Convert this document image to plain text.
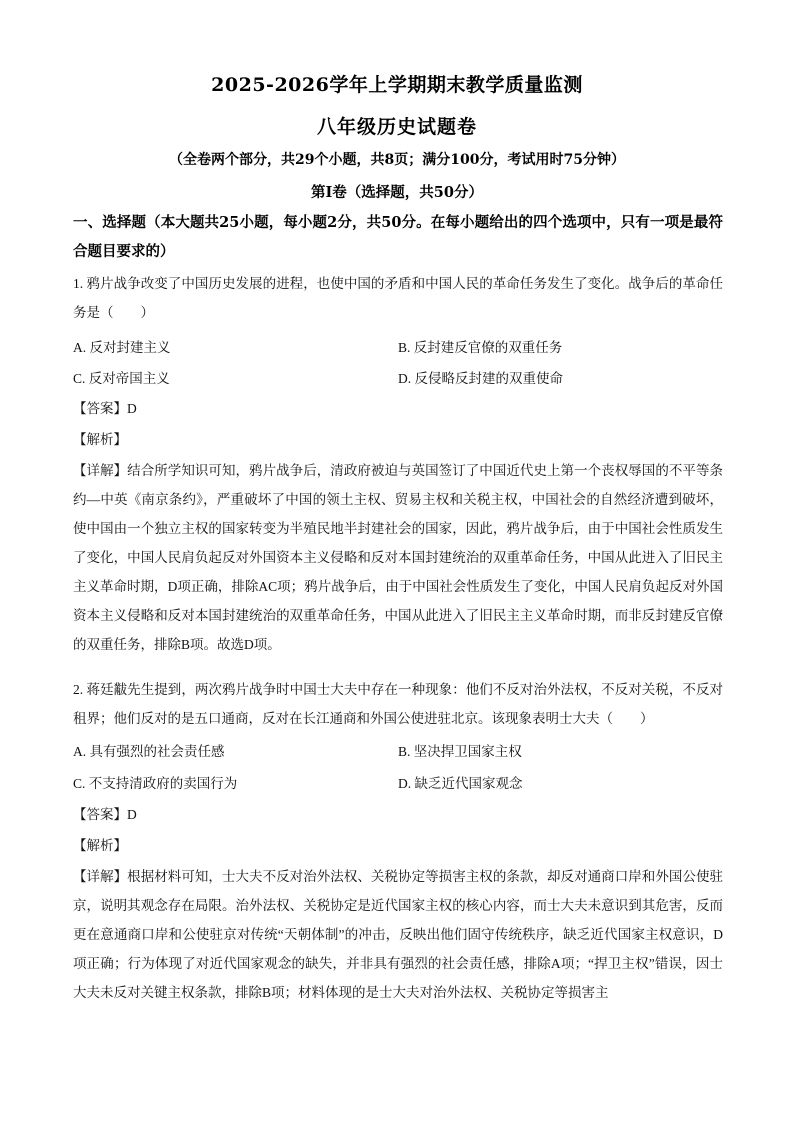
2025-2026学年上学期期末教学质量监测
八年级历史试题卷
（全卷两个部分，共29个小题，共8页；满分100分，考试用时75分钟）
第Ⅰ卷（选择题，共50分）
一、选择题（本大题共25小题，每小题2分，共50分。在每小题给出的四个选项中，只有一项是最符合题目要求的）
1. 鸦片战争改变了中国历史发展的进程，也使中国的矛盾和中国人民的革命任务发生了变化。战争后的革命任务是（　　）
A. 反对封建主义	B. 反封建反官僚的双重任务
C. 反对帝国主义	D. 反侵略反封建的双重使命
【答案】D
【解析】
【详解】结合所学知识可知，鸦片战争后，清政府被迫与英国签订了中国近代史上第一个丧权辱国的不平等条约—中英《南京条约》，严重破坏了中国的领土主权、贸易主权和关税主权，中国社会的自然经济遭到破坏，使中国由一个独立主权的国家转变为半殖民地半封建社会的国家，因此，鸦片战争后，由于中国社会性质发生了变化，中国人民肩负起反对外国资本主义侵略和反对本国封建统治的双重革命任务，中国从此进入了旧民主主义革命时期，D项正确，排除AC项；鸦片战争后，由于中国社会性质发生了变化，中国人民肩负起反对外国资本主义侵略和反对本国封建统治的双重革命任务，中国从此进入了旧民主主义革命时期，而非反封建反官僚的双重任务，排除B项。故选D项。
2. 蒋廷黻先生提到，两次鸦片战争时中国士大夫中存在一种现象：他们不反对治外法权，不反对关税，不反对租界；他们反对的是五口通商，反对在长江通商和外国公使进驻北京。该现象表明士大夫（　　）
A. 具有强烈的社会责任感	B. 坚决捍卫国家主权
C. 不支持清政府的卖国行为	D. 缺乏近代国家观念
【答案】D
【解析】
【详解】根据材料可知，士大夫不反对治外法权、关税协定等损害主权的条款，却反对通商口岸和外国公使驻京，说明其观念存在局限。治外法权、关税协定是近代国家主权的核心内容，而士大夫未意识到其危害，反而更在意通商口岸和公使驻京对传统“天朝体制”的冲击，反映出他们固守传统秩序，缺乏近代国家主权意识，D项正确；行为体现了对近代国家观念的缺失，并非具有强烈的社会责任感，排除A项；“捍卫主权”错误，因士大夫未反对关键主权条款，排除B项；材料体现的是士大夫对治外法权、关税协定等损害主
